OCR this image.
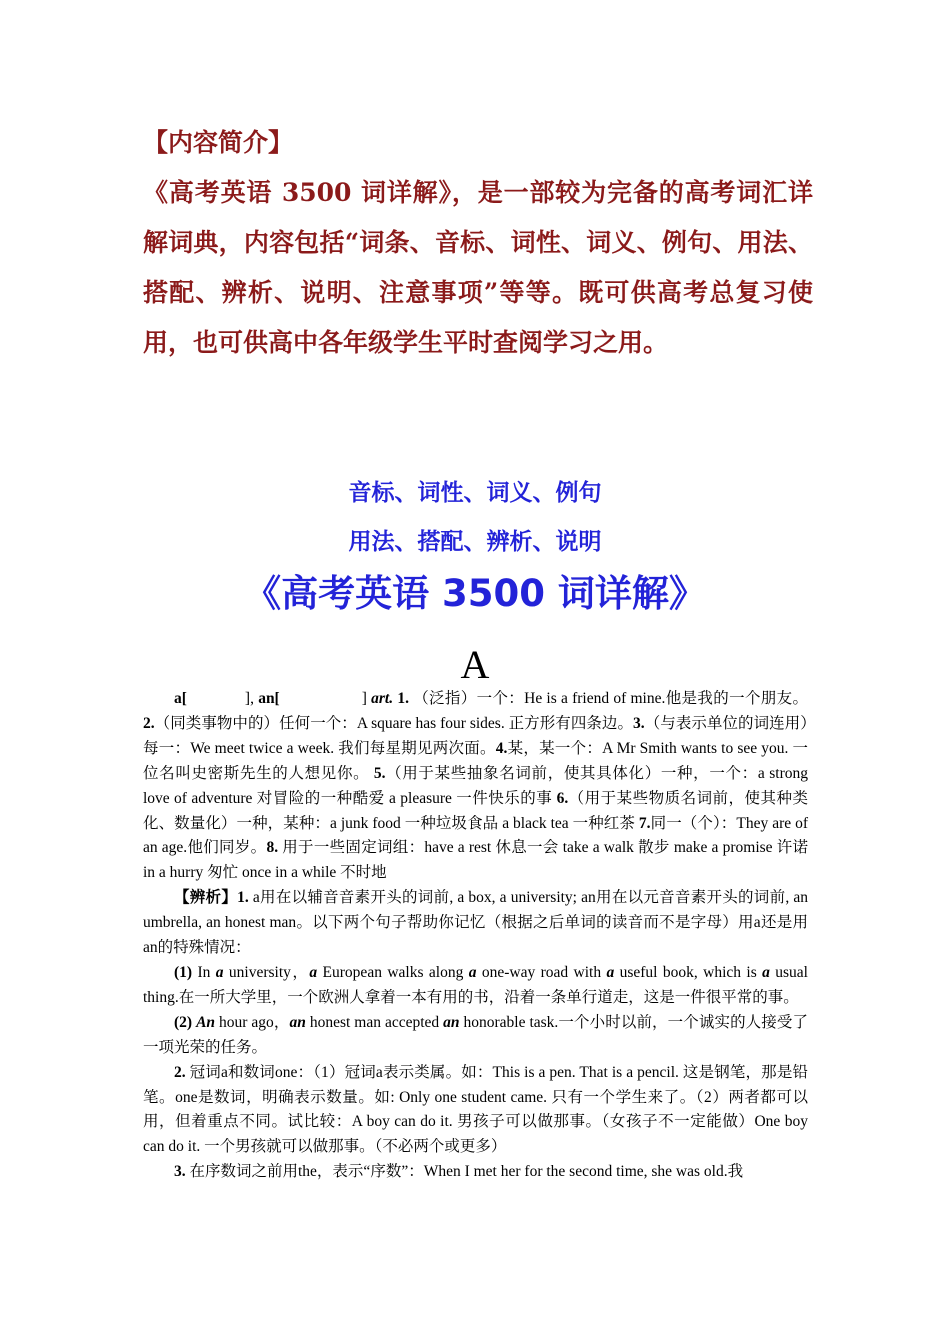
【内容简介】
《高考英语 3500 词详解》，是一部较为完备的高考词汇详解词典，内容包括“词条、音标、词性、词义、例句、用法、搭配、辨析、说明、注意事项”等等。既可供高考总复习使用，也可供高中各年级学生平时查阅学习之用。
音标、词性、词义、例句
用法、搭配、辨析、说明
《高考英语 3500 词详解》
A

a[	], an[	] art. 1. （泛指）一个：He is a friend of mine.他是我的一个朋友。2.（同类事物中的）任何一个：A square has four sides. 正方形有四条边。3.（与表示单位的词连用）每一：We meet twice a week. 我们每星期见两次面。4.某，某一个：A Mr Smith wants to see you. 一位名叫史密斯先生的人想见你。 5.（用于某些抽象名词前，使其具体化）一种，一个：a strong love of adventure 对冒险的一种酷爱 a pleasure 一件快乐的事 6.（用于某些物质名词前，使其种类化、数量化）一种，某种：a junk food 一种垃圾食品 a black tea 一种红茶 7.同一（个）：They are of an age.他们同岁。8. 用于一些固定词组：have a rest 休息一会 take a walk 散步 make a promise 许诺 in a hurry 匆忙 once in a while 不时地

【辨析】1. a用在以辅音音素开头的词前, a box, a university; an用在以元音音素开头的词前, an umbrella, an honest man。以下两个句子帮助你记忆（根据之后单词的读音而不是字母）用a还是用an的特殊情况：

(1) In a university，a European walks along a one-way road with a useful book, which is a usual thing.在一所大学里，一个欧洲人拿着一本有用的书，沿着一条单行道走，这是一件很平常的事。

(2) An hour ago，an honest man accepted an honorable task.一个小时以前，一个诚实的人接受了一项光荣的任务。

2. 冠词a和数词one：（1）冠词a表示类属。如：This is a pen. That is a pencil. 这是钢笔，那是铅笔。one是数词，明确表示数量。如: Only one student came. 只有一个学生来了。（2）两者都可以用，但着重点不同。试比较：A boy can do it. 男孩子可以做那事。（女孩子不一定能做）One boy can do it. 一个男孩就可以做那事。（不必两个或更多）

3. 在序数词之前用the，表示“序数”：When I met her for the second time, she was old.我
